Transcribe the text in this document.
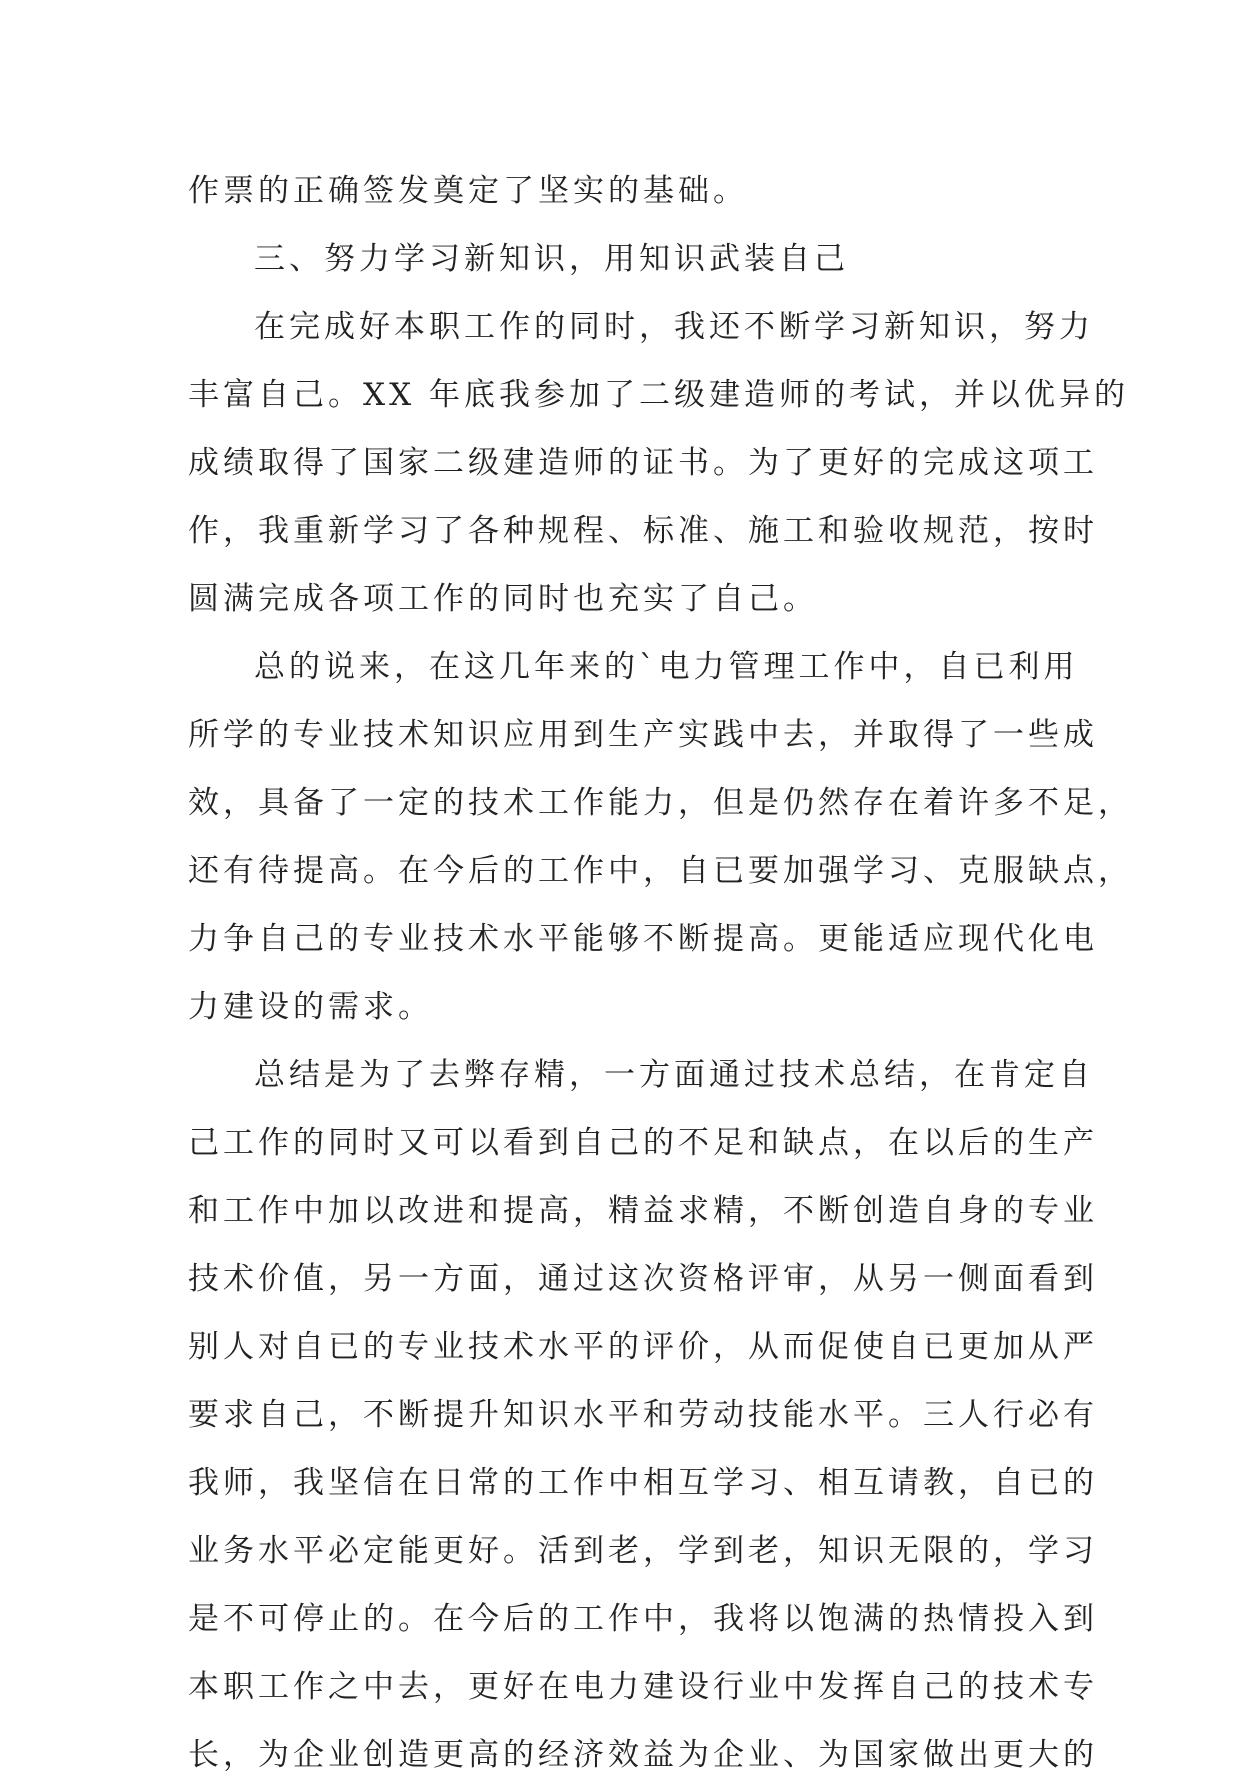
作票的正确签发奠定了坚实的基础。
三、努力学习新知识，用知识武装自己
在完成好本职工作的同时，我还不断学习新知识，努力
丰富自己。XX 年底我参加了二级建造师的考试，并以优异的
成绩取得了国家二级建造师的证书。为了更好的完成这项工
作，我重新学习了各种规程、标准、施工和验收规范，按时
圆满完成各项工作的同时也充实了自己。
总的说来，在这几年来的`电力管理工作中，自已利用
所学的专业技术知识应用到生产实践中去，并取得了一些成
效，具备了一定的技术工作能力，但是仍然存在着许多不足，
还有待提高。在今后的工作中，自已要加强学习、克服缺点，
力争自己的专业技术水平能够不断提高。更能适应现代化电
力建设的需求。
总结是为了去弊存精，一方面通过技术总结，在肯定自
己工作的同时又可以看到自己的不足和缺点，在以后的生产
和工作中加以改进和提高，精益求精，不断创造自身的专业
技术价值，另一方面，通过这次资格评审，从另一侧面看到
别人对自已的专业技术水平的评价，从而促使自已更加从严
要求自己，不断提升知识水平和劳动技能水平。三人行必有
我师，我坚信在日常的工作中相互学习、相互请教，自已的
业务水平必定能更好。活到老，学到老，知识无限的，学习
是不可停止的。在今后的工作中，我将以饱满的热情投入到
本职工作之中去，更好在电力建设行业中发挥自己的技术专
长，为企业创造更高的经济效益为企业、为国家做出更大的
